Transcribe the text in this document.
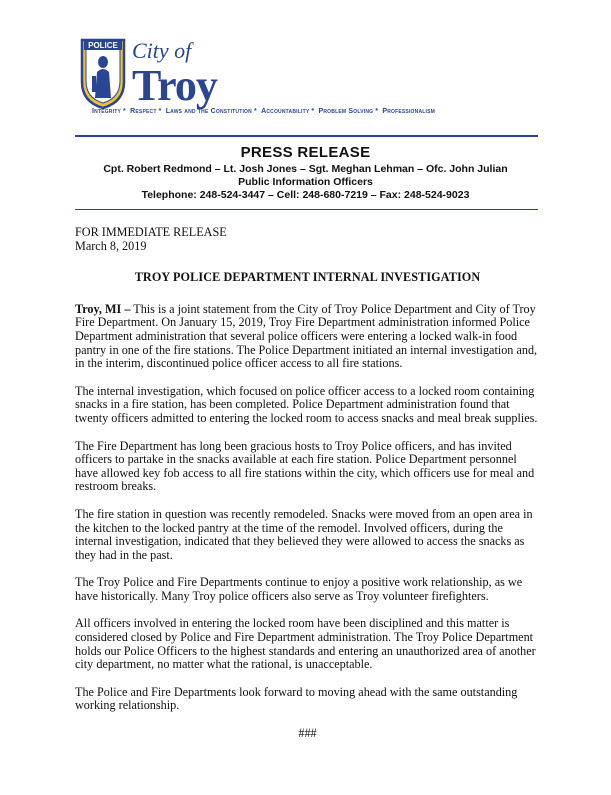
POLICE City of
Troy
Integrity * Respect * Laws and the Constitution * Accountability * Problem Solving * Professionalism
PRESS RELEASE
Cpt. Robert Redmond – Lt. Josh Jones – Sgt. Meghan Lehman – Ofc. John Julian
Public Information Officers
Telephone: 248-524-3447 – Cell: 248-680-7219 – Fax: 248-524-9023

FOR IMMEDIATE RELEASE

March 8, 2019

TROY POLICE DEPARTMENT INTERNAL INVESTIGATION

Troy, MI – This is a joint statement from the City of Troy Police Department and City of Troy Fire Department. On January 15, 2019, Troy Fire Department administration informed Police Department administration that several police officers were entering a locked walk-in food pantry in one of the fire stations. The Police Department initiated an internal investigation and, in the interim, discontinued police officer access to all fire stations.

The internal investigation, which focused on police officer access to a locked room containing snacks in a fire station, has been completed. Police Department administration found that twenty officers admitted to entering the locked room to access snacks and meal break supplies.

The Fire Department has long been gracious hosts to Troy Police officers, and has invited officers to partake in the snacks available at each fire station. Police Department personnel have allowed key fob access to all fire stations within the city, which officers use for meal and restroom breaks.

The fire station in question was recently remodeled. Snacks were moved from an open area in the kitchen to the locked pantry at the time of the remodel. Involved officers, during the internal investigation, indicated that they believed they were allowed to access the snacks as they had in the past.

The Troy Police and Fire Departments continue to enjoy a positive work relationship, as we have historically. Many Troy police officers also serve as Troy volunteer firefighters.

All officers involved in entering the locked room have been disciplined and this matter is considered closed by Police and Fire Department administration. The Troy Police Department holds our Police Officers to the highest standards and entering an unauthorized area of another city department, no matter what the rational, is unacceptable.

The Police and Fire Departments look forward to moving ahead with the same outstanding working relationship.

###
